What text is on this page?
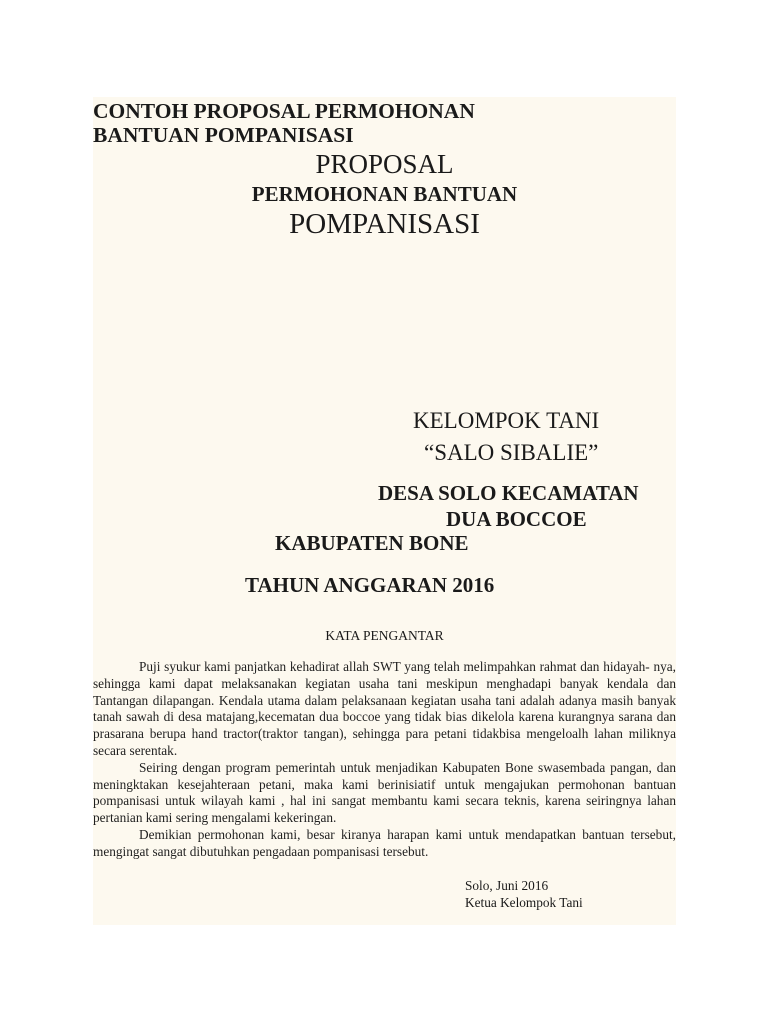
CONTOH PROPOSAL PERMOHONAN
BANTUAN POMPANISASI
PROPOSAL
PERMOHONAN BANTUAN
POMPANISASI
KELOMPOK TANI
“SALO SIBALIE”
DESA SOLO KECAMATAN
DUA BOCCOE
KABUPATEN BONE
TAHUN ANGGARAN 2016
KATA PENGANTAR

Puji syukur kami panjatkan kehadirat allah SWT yang telah melimpahkan rahmat dan hidayah- nya, sehingga kami dapat melaksanakan kegiatan usaha tani meskipun menghadapi banyak kendala dan Tantangan dilapangan. Kendala utama dalam pelaksanaan kegiatan usaha tani adalah adanya masih banyak tanah sawah di desa matajang,kecematan dua boccoe yang tidak bias dikelola karena kurangnya sarana dan prasarana berupa hand tractor(traktor tangan), sehingga para petani tidakbisa mengeloalh lahan miliknya secara serentak.

Seiring dengan program pemerintah untuk menjadikan Kabupaten Bone swasembada pangan, dan meningktakan kesejahteraan petani, maka kami berinisiatif untuk mengajukan permohonan bantuan pompanisasi untuk wilayah kami , hal ini sangat membantu kami secara teknis, karena seiringnya lahan pertanian kami sering mengalami kekeringan.

Demikian permohonan kami, besar kiranya harapan kami untuk mendapatkan bantuan tersebut, mengingat sangat dibutuhkan pengadaan pompanisasi tersebut.

Solo, Juni 2016
Ketua Kelompok Tani
